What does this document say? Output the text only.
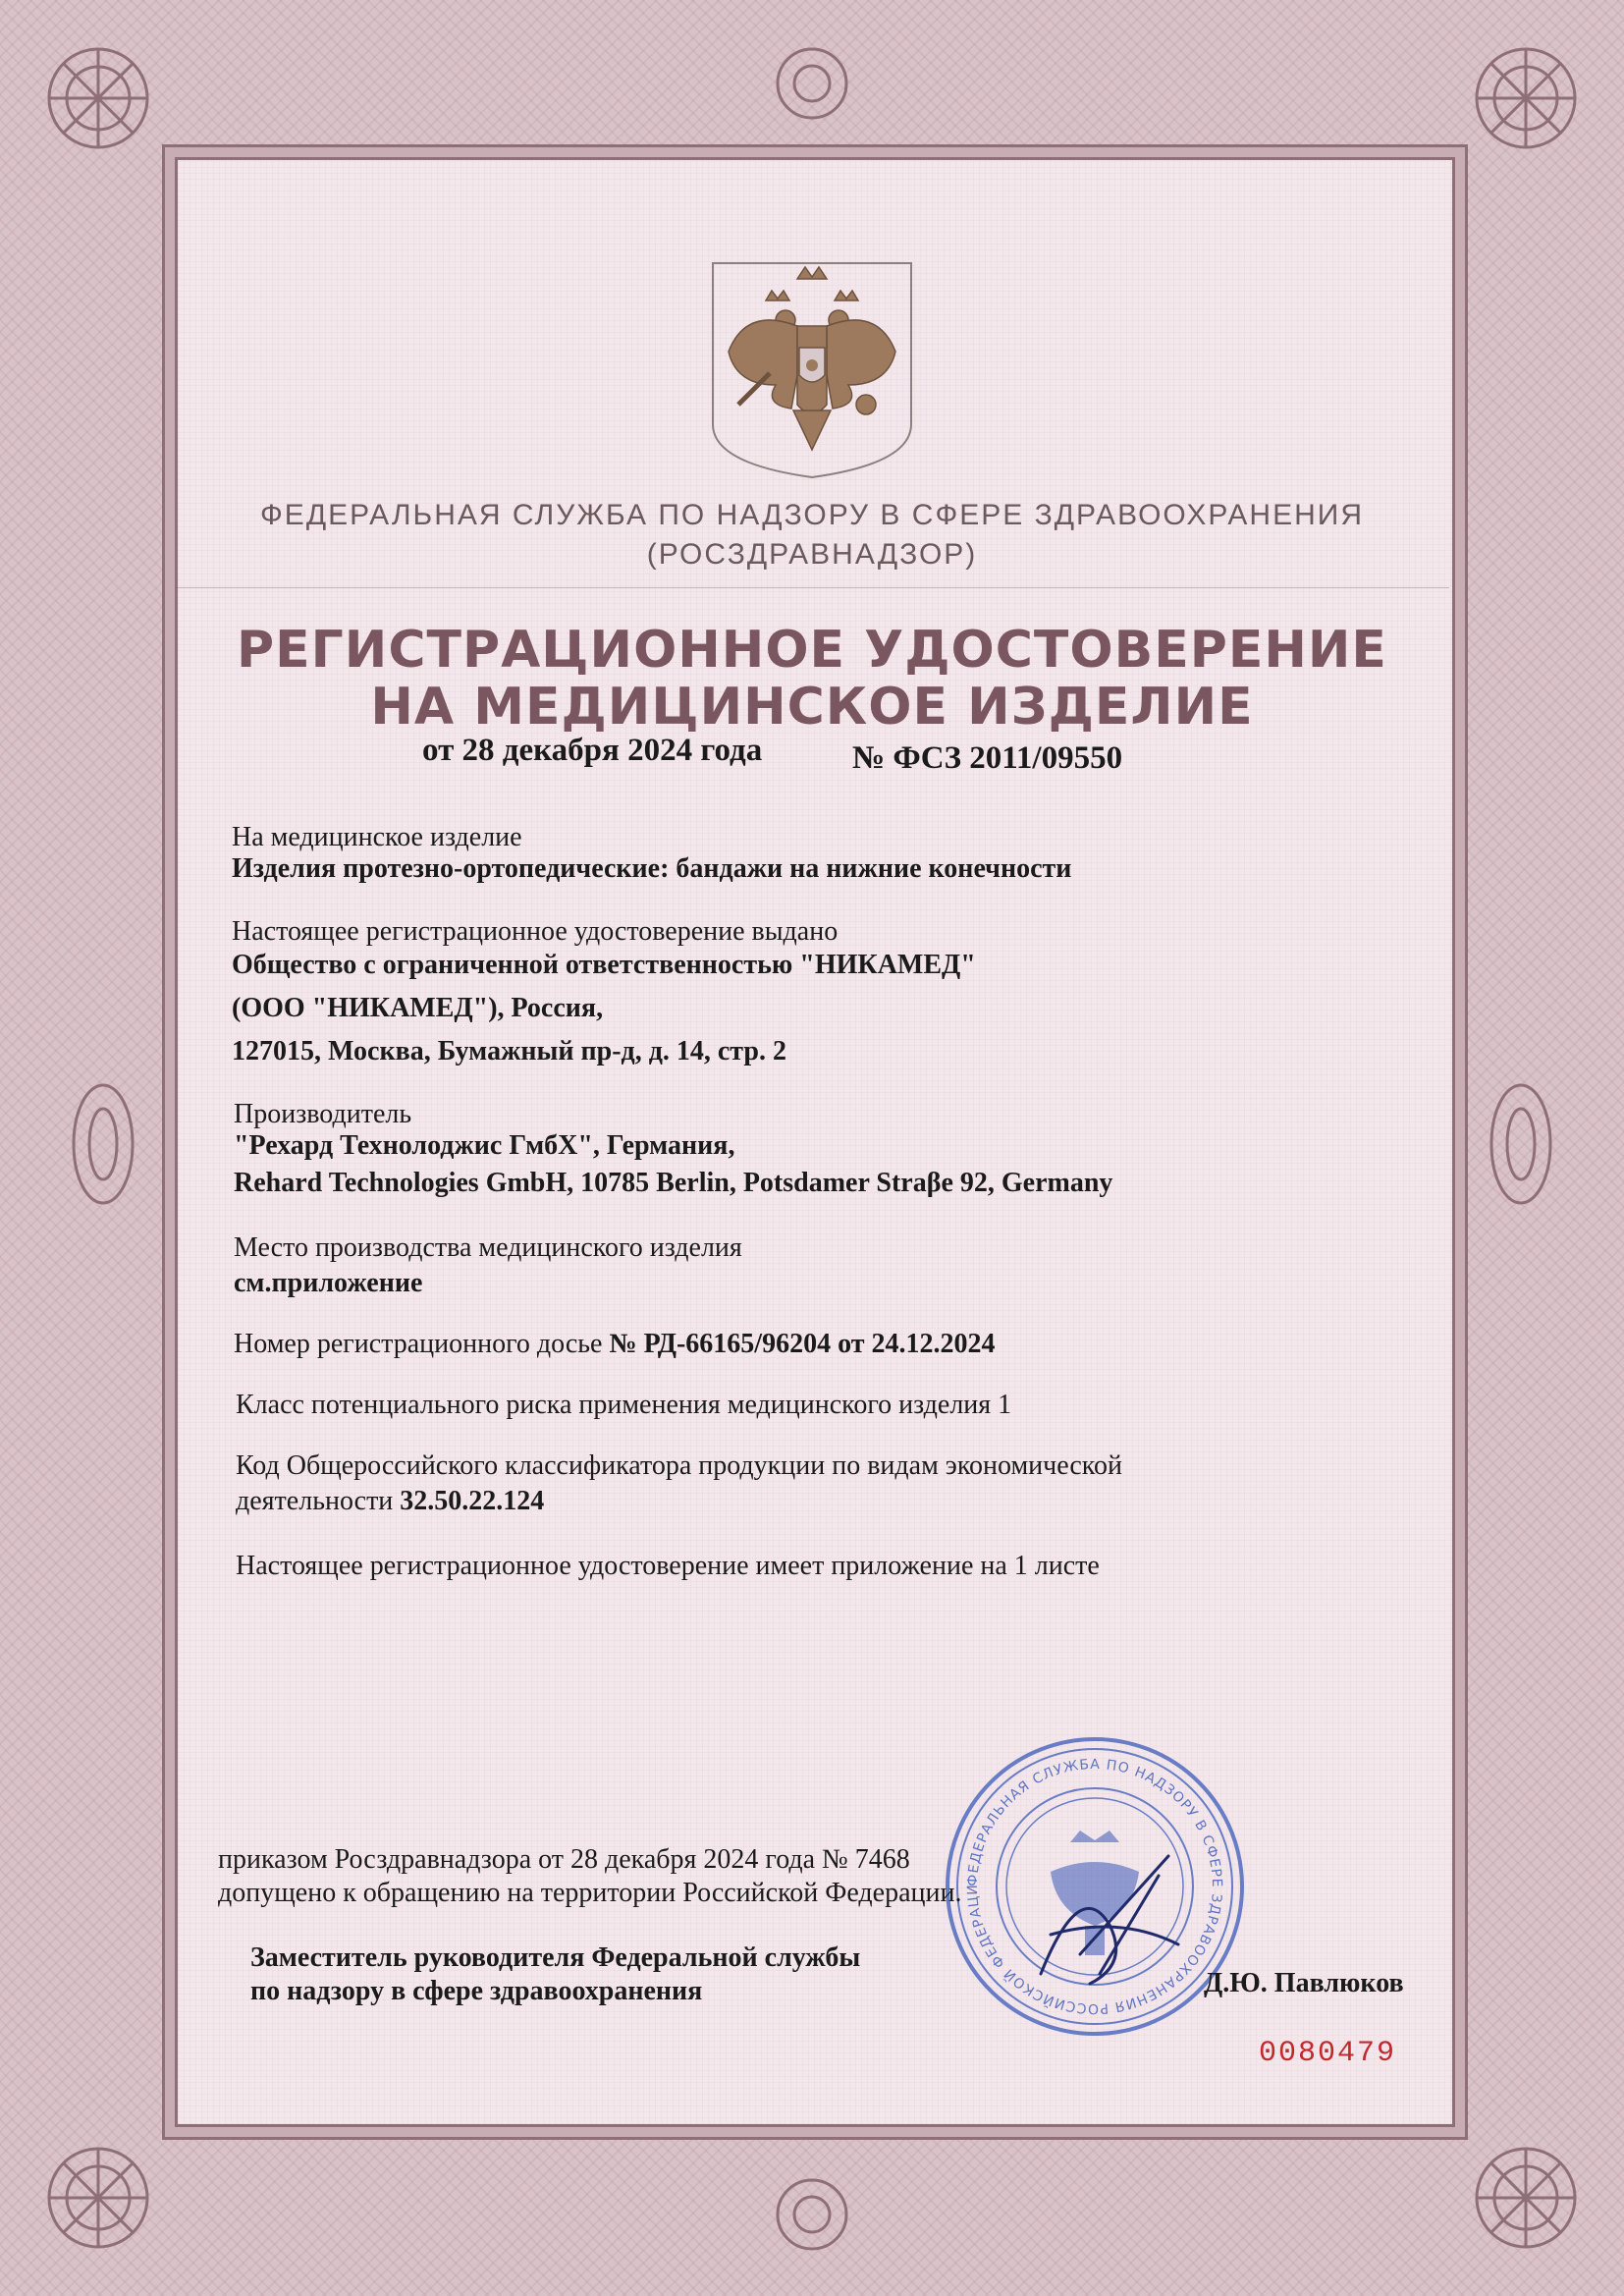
ФЕДЕРАЛЬНАЯ СЛУЖБА ПО НАДЗОРУ В СФЕРЕ ЗДРАВООХРАНЕНИЯ
(РОСЗДРАВНАДЗОР)
РЕГИСТРАЦИОННОЕ УДОСТОВЕРЕНИЕ
НА МЕДИЦИНСКОЕ ИЗДЕЛИЕ
от 28 декабря 2024 года	№ ФСЗ 2011/09550
На медицинское изделие
Изделия протезно-ортопедические: бандажи на нижние конечности
Настоящее регистрационное удостоверение выдано
Общество с ограниченной ответственностью "НИКАМЕД"
(ООО "НИКАМЕД"), Россия,
127015, Москва, Бумажный пр-д, д. 14, стр. 2
Производитель
"Рехард Технолоджис ГмбХ", Германия,
Rehard Technologies GmbH, 10785 Berlin, Potsdamer Straβe 92, Germany
Место производства медицинского изделия
см.приложение
Номер регистрационного досье № РД-66165/96204 от 24.12.2024
Класс потенциального риска применения медицинского изделия 1
Код Общероссийского классификатора продукции по видам экономической
деятельности 32.50.22.124
Настоящее регистрационное удостоверение имеет приложение на 1 листе
ФЕДЕРАЛЬНАЯ СЛУЖБА ПО НАДЗОРУ В СФЕРЕ ЗДРАВООХРАНЕНИЯ РОССИЙСКОЙ ФЕДЕРАЦИ
приказом Росздравнадзора от 28 декабря 2024 года № 7468
допущено к обращению на территории Российской Федерации.
Заместитель руководителя Федеральной службы
по надзору в сфере здравоохранения	Д.Ю. Павлюков
0080479
